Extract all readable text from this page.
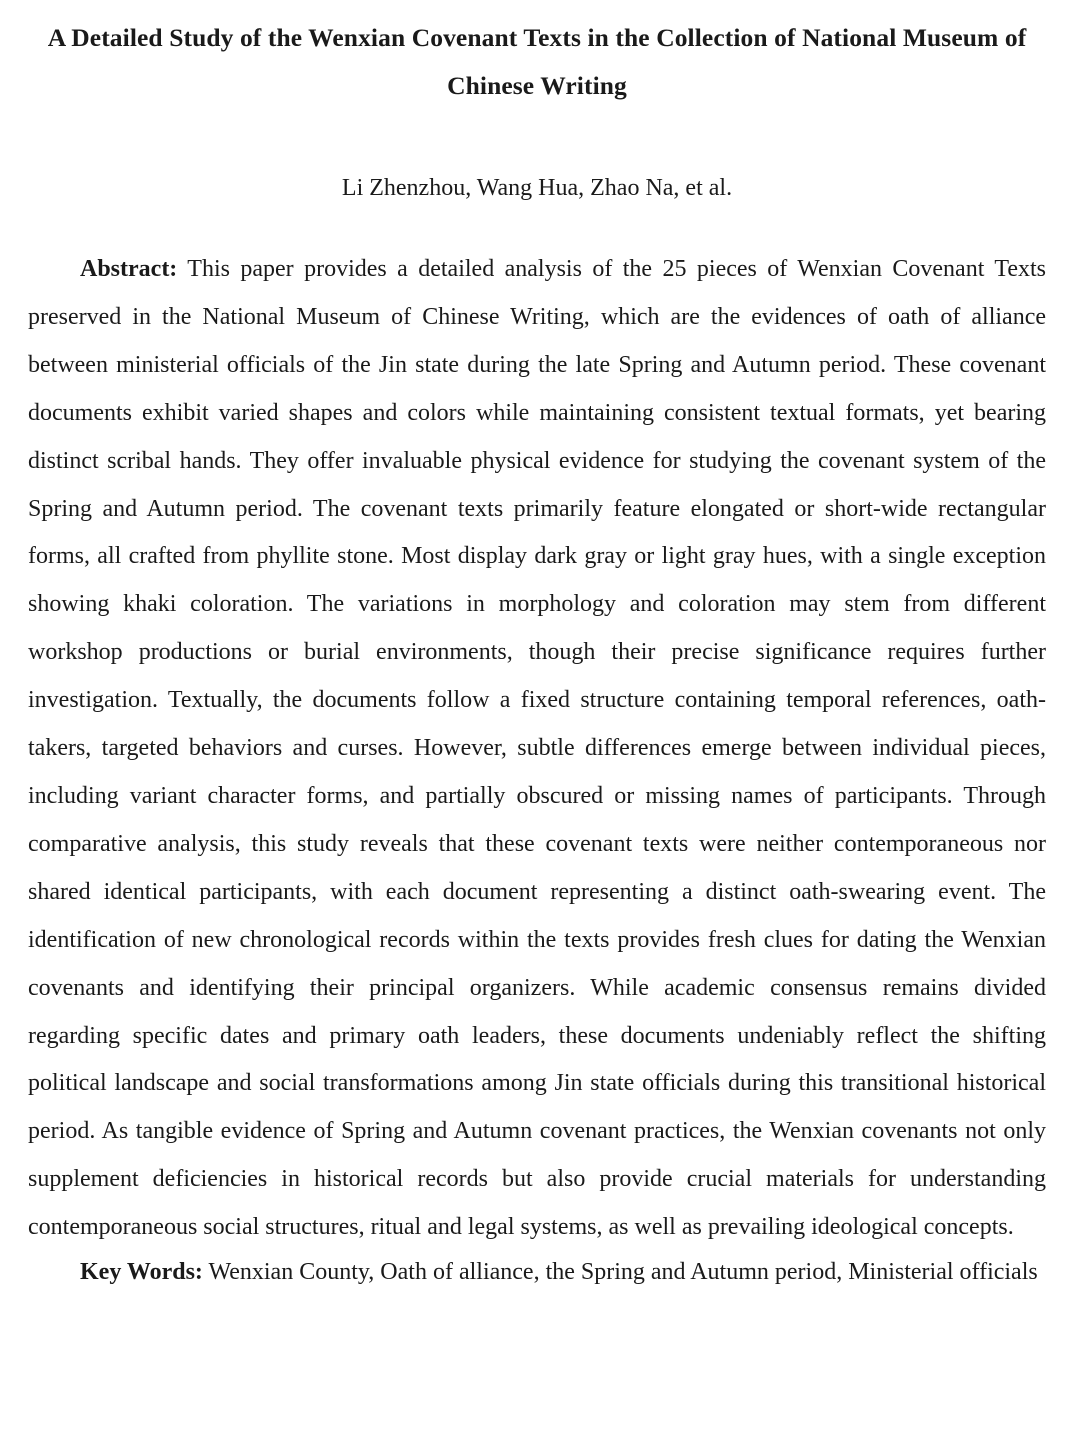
A Detailed Study of the Wenxian Covenant Texts in the Collection of National Museum of Chinese Writing

Li Zhenzhou, Wang Hua, Zhao Na, et al.

Abstract: This paper provides a detailed analysis of the 25 pieces of Wenxian Covenant Texts preserved in the National Museum of Chinese Writing, which are the evidences of oath of alliance between ministerial officials of the Jin state during the late Spring and Autumn period. These covenant documents exhibit varied shapes and colors while maintaining consistent textual formats, yet bearing distinct scribal hands. They offer invaluable physical evidence for studying the covenant system of the Spring and Autumn period. The covenant texts primarily feature elongated or short-wide rectangular forms, all crafted from phyllite stone. Most display dark gray or light gray hues, with a single exception showing khaki coloration. The variations in morphology and coloration may stem from different workshop productions or burial environments, though their precise significance requires further investigation. Textually, the documents follow a fixed structure containing temporal references, oath-takers, targeted behaviors and curses. However, subtle differences emerge between individual pieces, including variant character forms, and partially obscured or missing names of participants. Through comparative analysis, this study reveals that these covenant texts were neither contemporaneous nor shared identical participants, with each document representing a distinct oath-swearing event. The identification of new chronological records within the texts provides fresh clues for dating the Wenxian covenants and identifying their principal organizers. While academic consensus remains divided regarding specific dates and primary oath leaders, these documents undeniably reflect the shifting political landscape and social transformations among Jin state officials during this transitional historical period. As tangible evidence of Spring and Autumn covenant practices, the Wenxian covenants not only supplement deficiencies in historical records but also provide crucial materials for understanding contemporaneous social structures, ritual and legal systems, as well as prevailing ideological concepts.

Key Words: Wenxian County, Oath of alliance, the Spring and Autumn period, Ministerial officials
